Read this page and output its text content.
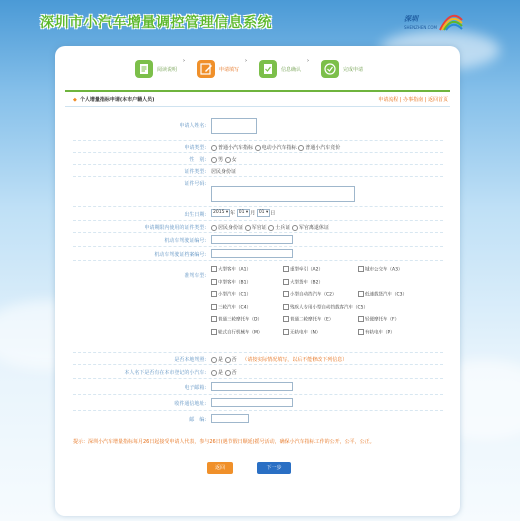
深圳市小汽车增量调控管理信息系统	深圳
SHENZHEN.COM
阅读说明	申请填写	信息确认	完成申请
›	›	›
◆ 个人增量指标申请(本市户籍人员)	申请流程 | 办事指南 | 返回首页
申请人姓名:
申请类型:	普通小汽车指标 电动小汽车指标 普通小汽车竞价
性　别:	男 女
证件类型: 居民身份证
证件号码:
出生日期:	2015 ▾ 年 01 ▾ 月 01 ▾ 日
申请期限内使用的证件类型:	居民身份证 军官证 士兵证 军官离退休证
机动车驾驶证编号:
机动车驾驶证档案编号:
准驾车型:
大型客车（A1）	重型牵引（A2）	城市公交车（A3）
中型客车（B1）	大型货车（B2）
小型汽车（C1）	小型自动挡汽车（C2）	低速载货汽车（C3）
三轮汽车（C4）	残疾人专用小型自动挡载客汽车（C5）
普通三轮摩托车（D）	普通二轮摩托车（E）	轻便摩托车（F）
轮式自行机械车（M）	无轨电车（N）	有轨电车（P）
是否本地驾照:	是 否 （请按实际情况填写，以后不能修改下列信息）
本人名下是否有在本市登记的小汽车:	是 否
电子邮箱:
收件通信地址:
邮　编:
提示：深圳小汽车增量指标每月26日起接受申请人代表，参与26日(遇节假日顺延)摇号活动，确保小汽车指标工作的公开，公平，公正。
返回	下一步
